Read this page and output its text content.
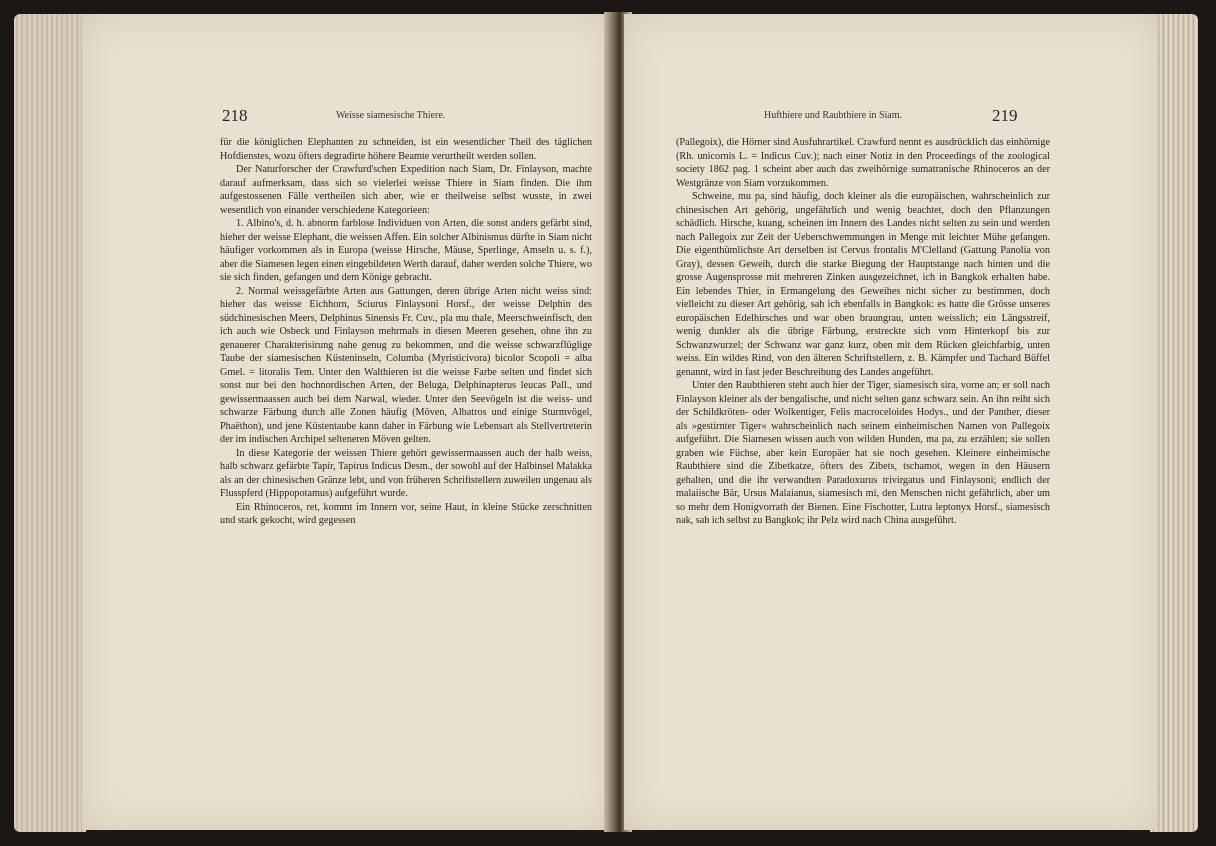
218	Weisse siamesische Thiere.

für die königlichen Elephanten zu schneiden, ist ein wesentlicher Theil des täglichen Hofdienstes, wozu öfters degradirte höhere Beamte verurtheilt werden sollen.

Der Naturforscher der Crawfurd'schen Expedition nach Siam, Dr. Finlayson, machte darauf aufmerksam, dass sich so vielerlei weisse Thiere in Siam finden. Die ihm aufgestossenen Fälle vertheilen sich aber, wie er theilweise selbst wusste, in zwei wesentlich von einander verschiedene Kategorieen:

1. Albino's, d. h. abnorm farblose Individuen von Arten, die sonst anders gefärbt sind, hieher der weisse Elephant, die weissen Affen. Ein solcher Albinismus dürfte in Siam nicht häufiger vorkommen als in Europa (weisse Hirsche, Mäuse, Sperlinge, Amseln u. s. f.), aber die Siamesen legen einen eingebildeten Werth darauf, daher werden solche Thiere, wo sie sich finden, gefangen und dem Könige gebracht.

2. Normal weissgefärbte Arten aus Gattungen, deren übrige Arten nicht weiss sind: hieher das weisse Eichhorn, Sciurus Finlaysoni Horsf., der weisse Delphin des südchinesischen Meers, Delphinus Sinensis Fr. Cuv., pla mu thale, Meerschweinfisch, den ich auch wie Osbeck und Finlayson mehrmals in diesen Meeren gesehen, ohne ihn zu genauerer Charakterisirung nahe genug zu bekommen, und die weisse schwarzflüglige Taube der siamesischen Küsteninseln, Columba (Myristicivora) bicolor Scopoli = alba Gmel. = litoralis Tem. Unter den Walthieren ist die weisse Farbe selten und findet sich sonst nur bei den hochnordischen Arten, der Beluga, Delphinapterus leucas Pall., und gewissermaassen auch bei dem Narwal, wieder. Unter den Seevögeln ist die weiss- und schwarze Färbung durch alle Zonen häufig (Möven, Albatros und einige Sturmvögel, Phaëthon), und jene Küstentaube kann daher in Färbung wie Lebensart als Stellvertreterin der im indischen Archipel selteneren Möven gelten.

In diese Kategorie der weissen Thiere gehört gewissermaassen auch der halb weiss, halb schwarz gefärbte Tapir, Tapirus Indicus Desm., der sowohl auf der Halbinsel Malakka als an der chinesischen Gränze lebt, und von früheren Schriftstellern zuweilen ungenau als Flusspferd (Hippopotamus) aufgeführt wurde.

Ein Rhinoceros, ret, kommt im Innern vor, seine Haut, in kleine Stücke zerschnitten und stark gekocht, wird gegessen

Hufthiere und Raubthiere in Siam.	219

(Pallegoix), die Hörner sind Ausfuhrartikel. Crawfurd nennt es ausdrücklich das einhörnige (Rh. unicornis L. = Indicus Cuv.); nach einer Notiz in den Proceedings of the zoological society 1862 pag. 1 scheint aber auch das zweihörnige sumatranische Rhinoceros an der Westgränze von Siam vorzukommen.

Schweine, mu pa, sind häufig, doch kleiner als die europäischen, wahrscheinlich zur chinesischen Art gehörig, ungefährlich und wenig beachtet, doch den Pflanzungen schädlich. Hirsche, kuang, scheinen im Innern des Landes nicht selten zu sein und werden nach Pallegoix zur Zeit der Ueberschwemmungen in Menge mit leichter Mühe gefangen. Die eigenthümlichste Art derselben ist Cervus frontalis M'Clelland (Gattung Panolia von Gray), dessen Geweih, durch die starke Biegung der Hauptstange nach hinten und die grosse Augensprosse mit mehreren Zinken ausgezeichnet, ich in Bangkok erhalten habe. Ein lebendes Thier, in Ermangelung des Geweihes nicht sicher zu bestimmen, doch vielleicht zu dieser Art gehörig, sah ich ebenfalls in Bangkok: es hatte die Grösse unseres europäischen Edelhirsches und war oben braungrau, unten weisslich; ein Längsstreif, wenig dunkler als die übrige Färbung, erstreckte sich vom Hinterkopf bis zur Schwanzwurzel; der Schwanz war ganz kurz, oben mit dem Rücken gleichfarbig, unten weiss. Ein wildes Rind, von den älteren Schriftstellern, z. B. Kämpfer und Tachard Büffel genannt, wird in fast jeder Beschreibung des Landes angeführt.

Unter den Raubthieren steht auch hier der Tiger, siamesisch sira, vorne an; er soll nach Finlayson kleiner als der bengalische, und nicht selten ganz schwarz sein. An ihn reiht sich der Schildkröten- oder Wolkentiger, Felis macroceloides Hodys., und der Panther, dieser als »gestirnter Tiger« wahrscheinlich nach seinem einheimischen Namen von Pallegoix aufgeführt. Die Siamesen wissen auch von wilden Hunden, ma pa, zu erzählen; sie sollen graben wie Füchse, aber kein Europäer hat sie noch gesehen. Kleinere einheimische Raubthiere sind die Zibetkatze, öfters des Zibets, tschamot, wegen in den Häusern gehalten, und die ihr verwandten Paradoxurus trivirgatus und Finlaysoni; endlich der malaiische Bär, Ursus Malaianus, siamesisch mi, den Menschen nicht gefährlich, aber um so mehr dem Honigvorrath der Bienen. Eine Fischotter, Lutra leptonyx Horsf., siamesisch nak, sah ich selbst zu Bangkok; ihr Pelz wird nach China ausgeführt.
